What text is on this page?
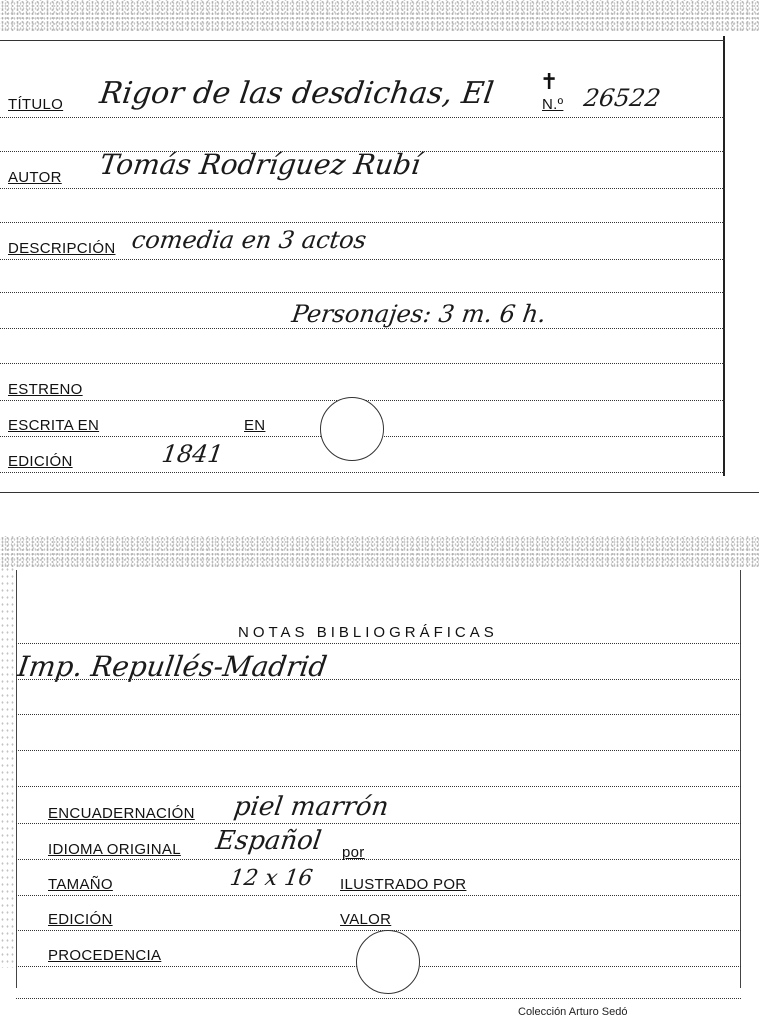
TÍTULO Rigor de las desdichas, El ✝
N.º 26522
AUTOR Tomás Rodríguez Rubí
DESCRIPCIÓN comedia en 3 actos
Personajes: 3 m. 6 h.
ESTRENO
ESCRITA EN	EN
EDICIÓN	1841
NOTAS BIBLIOGRÁFICAS
Imp. Repullés-Madrid
ENCUADERNACIÓN piel marrón
IDIOMA ORIGINAL Español por
TAMAÑO	12 x 16 ILUSTRADO POR
EDICIÓN	VALOR
PROCEDENCIA
Colección Arturo Sedó
